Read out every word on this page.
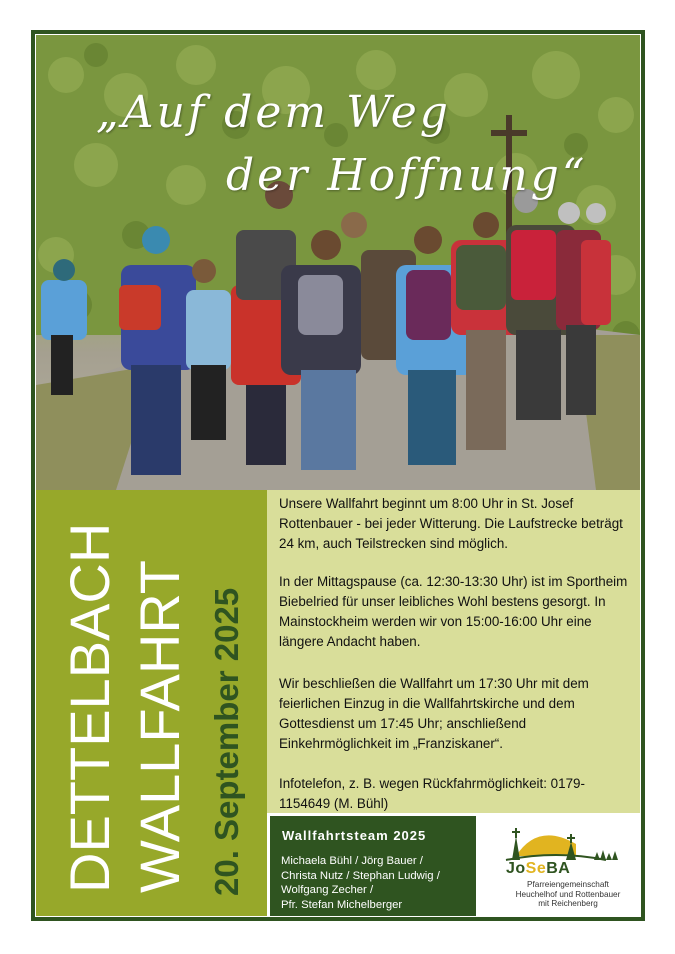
„Auf dem Weg
der Hoffnung“
DETTELBACH WALLFAHRT 20. September 2025

Unsere Wallfahrt beginnt um 8:00 Uhr in St. Josef Rottenbauer - bei jeder Witterung. Die Laufstrecke beträgt 24 km, auch Teilstrecken sind möglich.

In der Mittagspause (ca. 12:30-13:30 Uhr) ist im Sportheim Biebelried für unser leibliches Wohl bestens gesorgt. In Mainstockheim werden wir von 15:00-16:00 Uhr eine längere Andacht haben.

Wir beschließen die Wallfahrt um 17:30 Uhr mit dem feierlichen Einzug in die Wallfahrtskirche und dem Gottesdienst um 17:45 Uhr; anschließend Einkehrmöglichkeit im „Franziskaner“.

Infotelefon, z. B. wegen Rückfahrmöglichkeit: 0179-1154649 (M. Bühl)

Wallfahrtsteam 2025
Michaela Bühl / Jörg Bauer /
Christa Nutz / Stephan Ludwig /
Wolfgang Zecher /
Pfr. Stefan Michelberger
JoSeBA
Pfarreiengemeinschaft
Heuchelhof und Rottenbauer
mit Reichenberg
